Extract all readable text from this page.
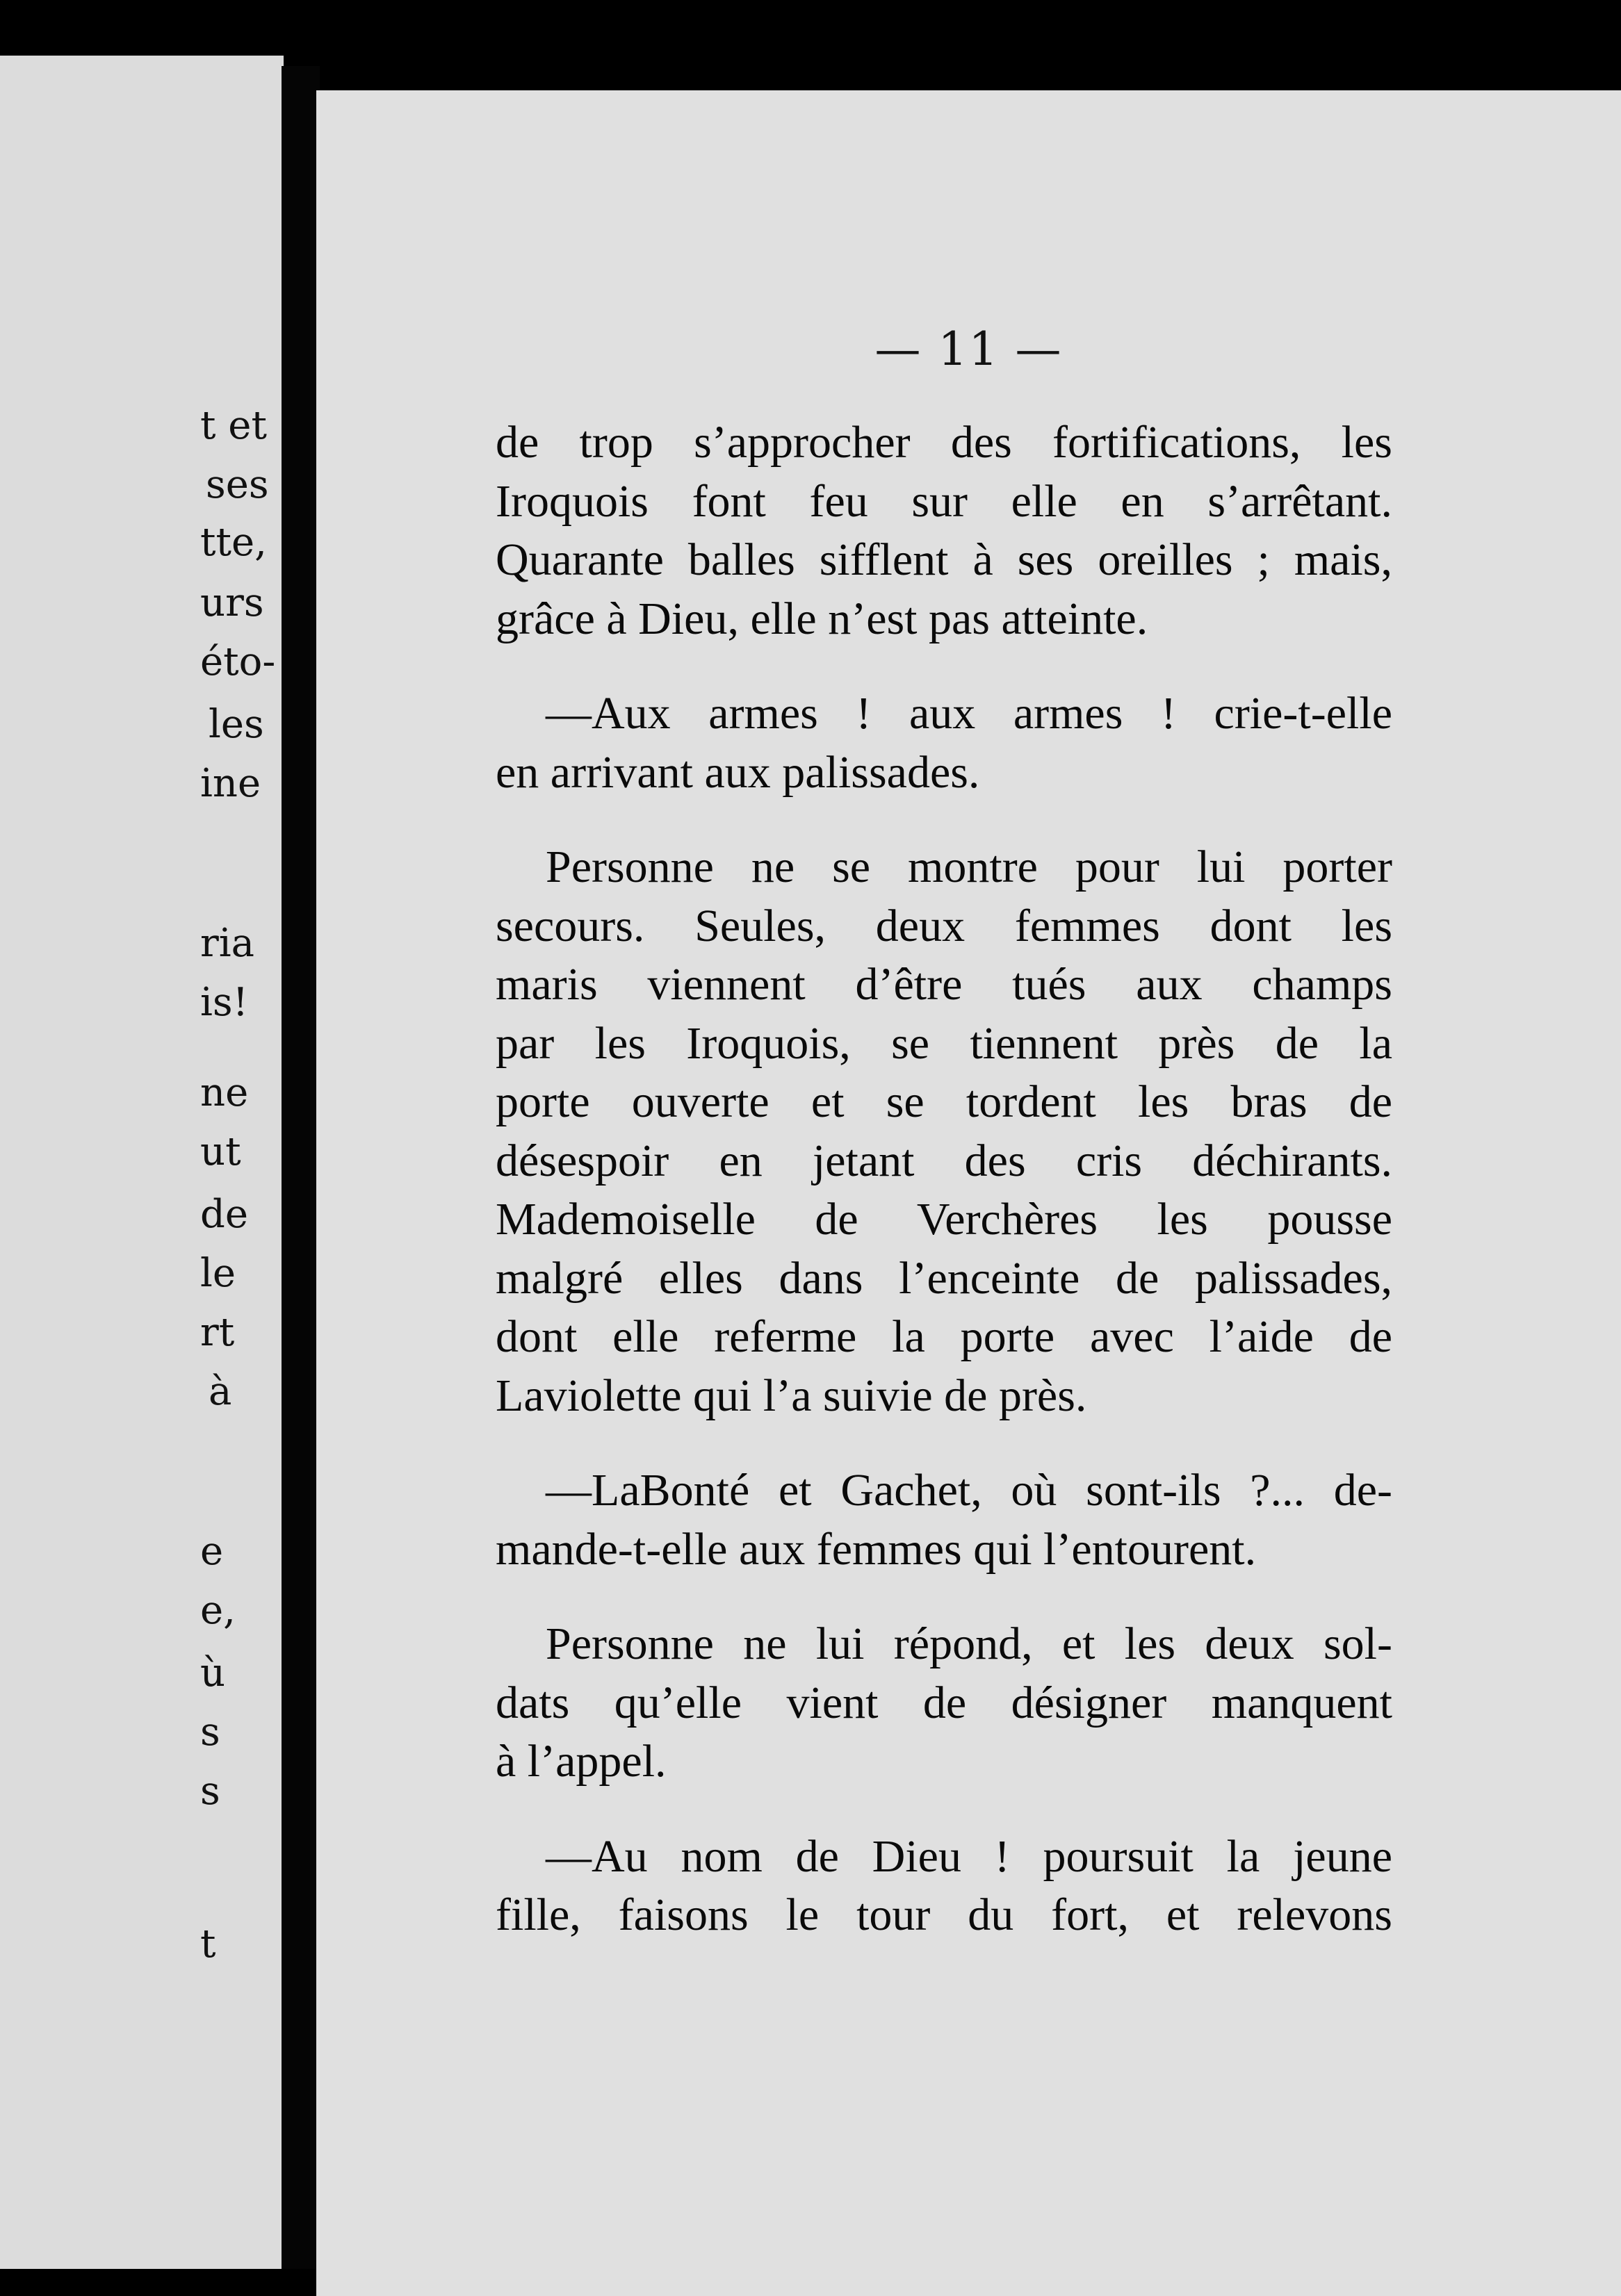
t et
ses
tte,
urs
éto-
les
ine
ria
is!
ne
ut
de
le
rt
à
e
e,
ù
s
s
t
— 11 —

de trop s’approcher des fortifications, les
Iroquois font feu sur elle en s’arrêtant.
Quarante balles sifflent à ses oreilles ; mais,
grâce à Dieu, elle n’est pas atteinte.

—Aux armes ! aux armes ! crie-t-elle
en arrivant aux palissades.

Personne ne se montre pour lui porter
secours. Seules, deux femmes dont les
maris viennent d’être tués aux champs
par les Iroquois, se tiennent près de la
porte ouverte et se tordent les bras de
désespoir en jetant des cris déchirants.
Mademoiselle de Verchères les pousse
malgré elles dans l’enceinte de palissades,
dont elle referme la porte avec l’aide de
Laviolette qui l’a suivie de près.

—LaBonté et Gachet, où sont-ils ?... de-
mande-t-elle aux femmes qui l’entourent.

Personne ne lui répond, et les deux sol-
dats qu’elle vient de désigner manquent
à l’appel.

—Au nom de Dieu ! poursuit la jeune
fille, faisons le tour du fort, et relevons
